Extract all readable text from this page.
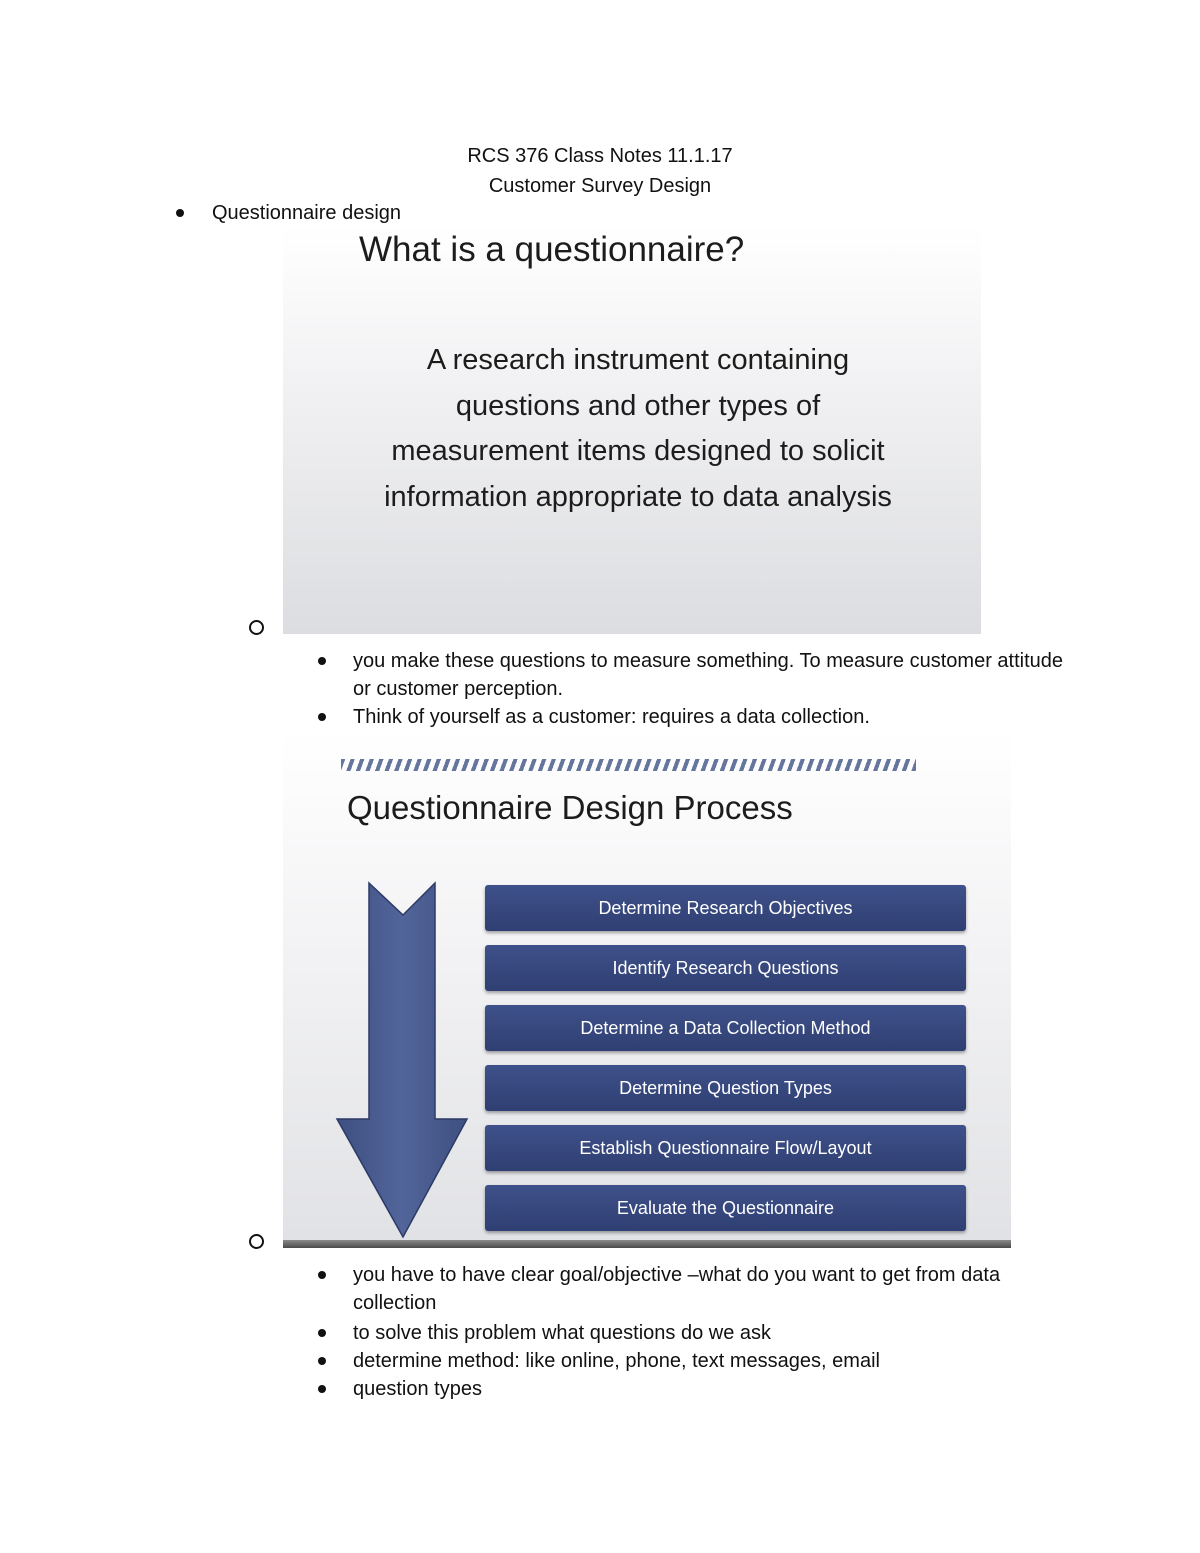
RCS 376 Class Notes 11.1.17
Customer Survey Design
Questionnaire design
What is a questionnaire?
A research instrument containing questions and other types of measurement items designed to solicit information appropriate to data analysis
you make these questions to measure something. To measure customer attitude or customer perception.
Think of yourself as a customer: requires a data collection.
Questionnaire Design Process
Determine Research Objectives
Identify Research Questions
Determine a Data Collection Method
Determine Question Types
Establish Questionnaire Flow/Layout
Evaluate the Questionnaire
you have to have clear goal/objective –what do you want to get from data collection
to solve this problem what questions do we ask
determine method: like online, phone, text messages, email
question types
